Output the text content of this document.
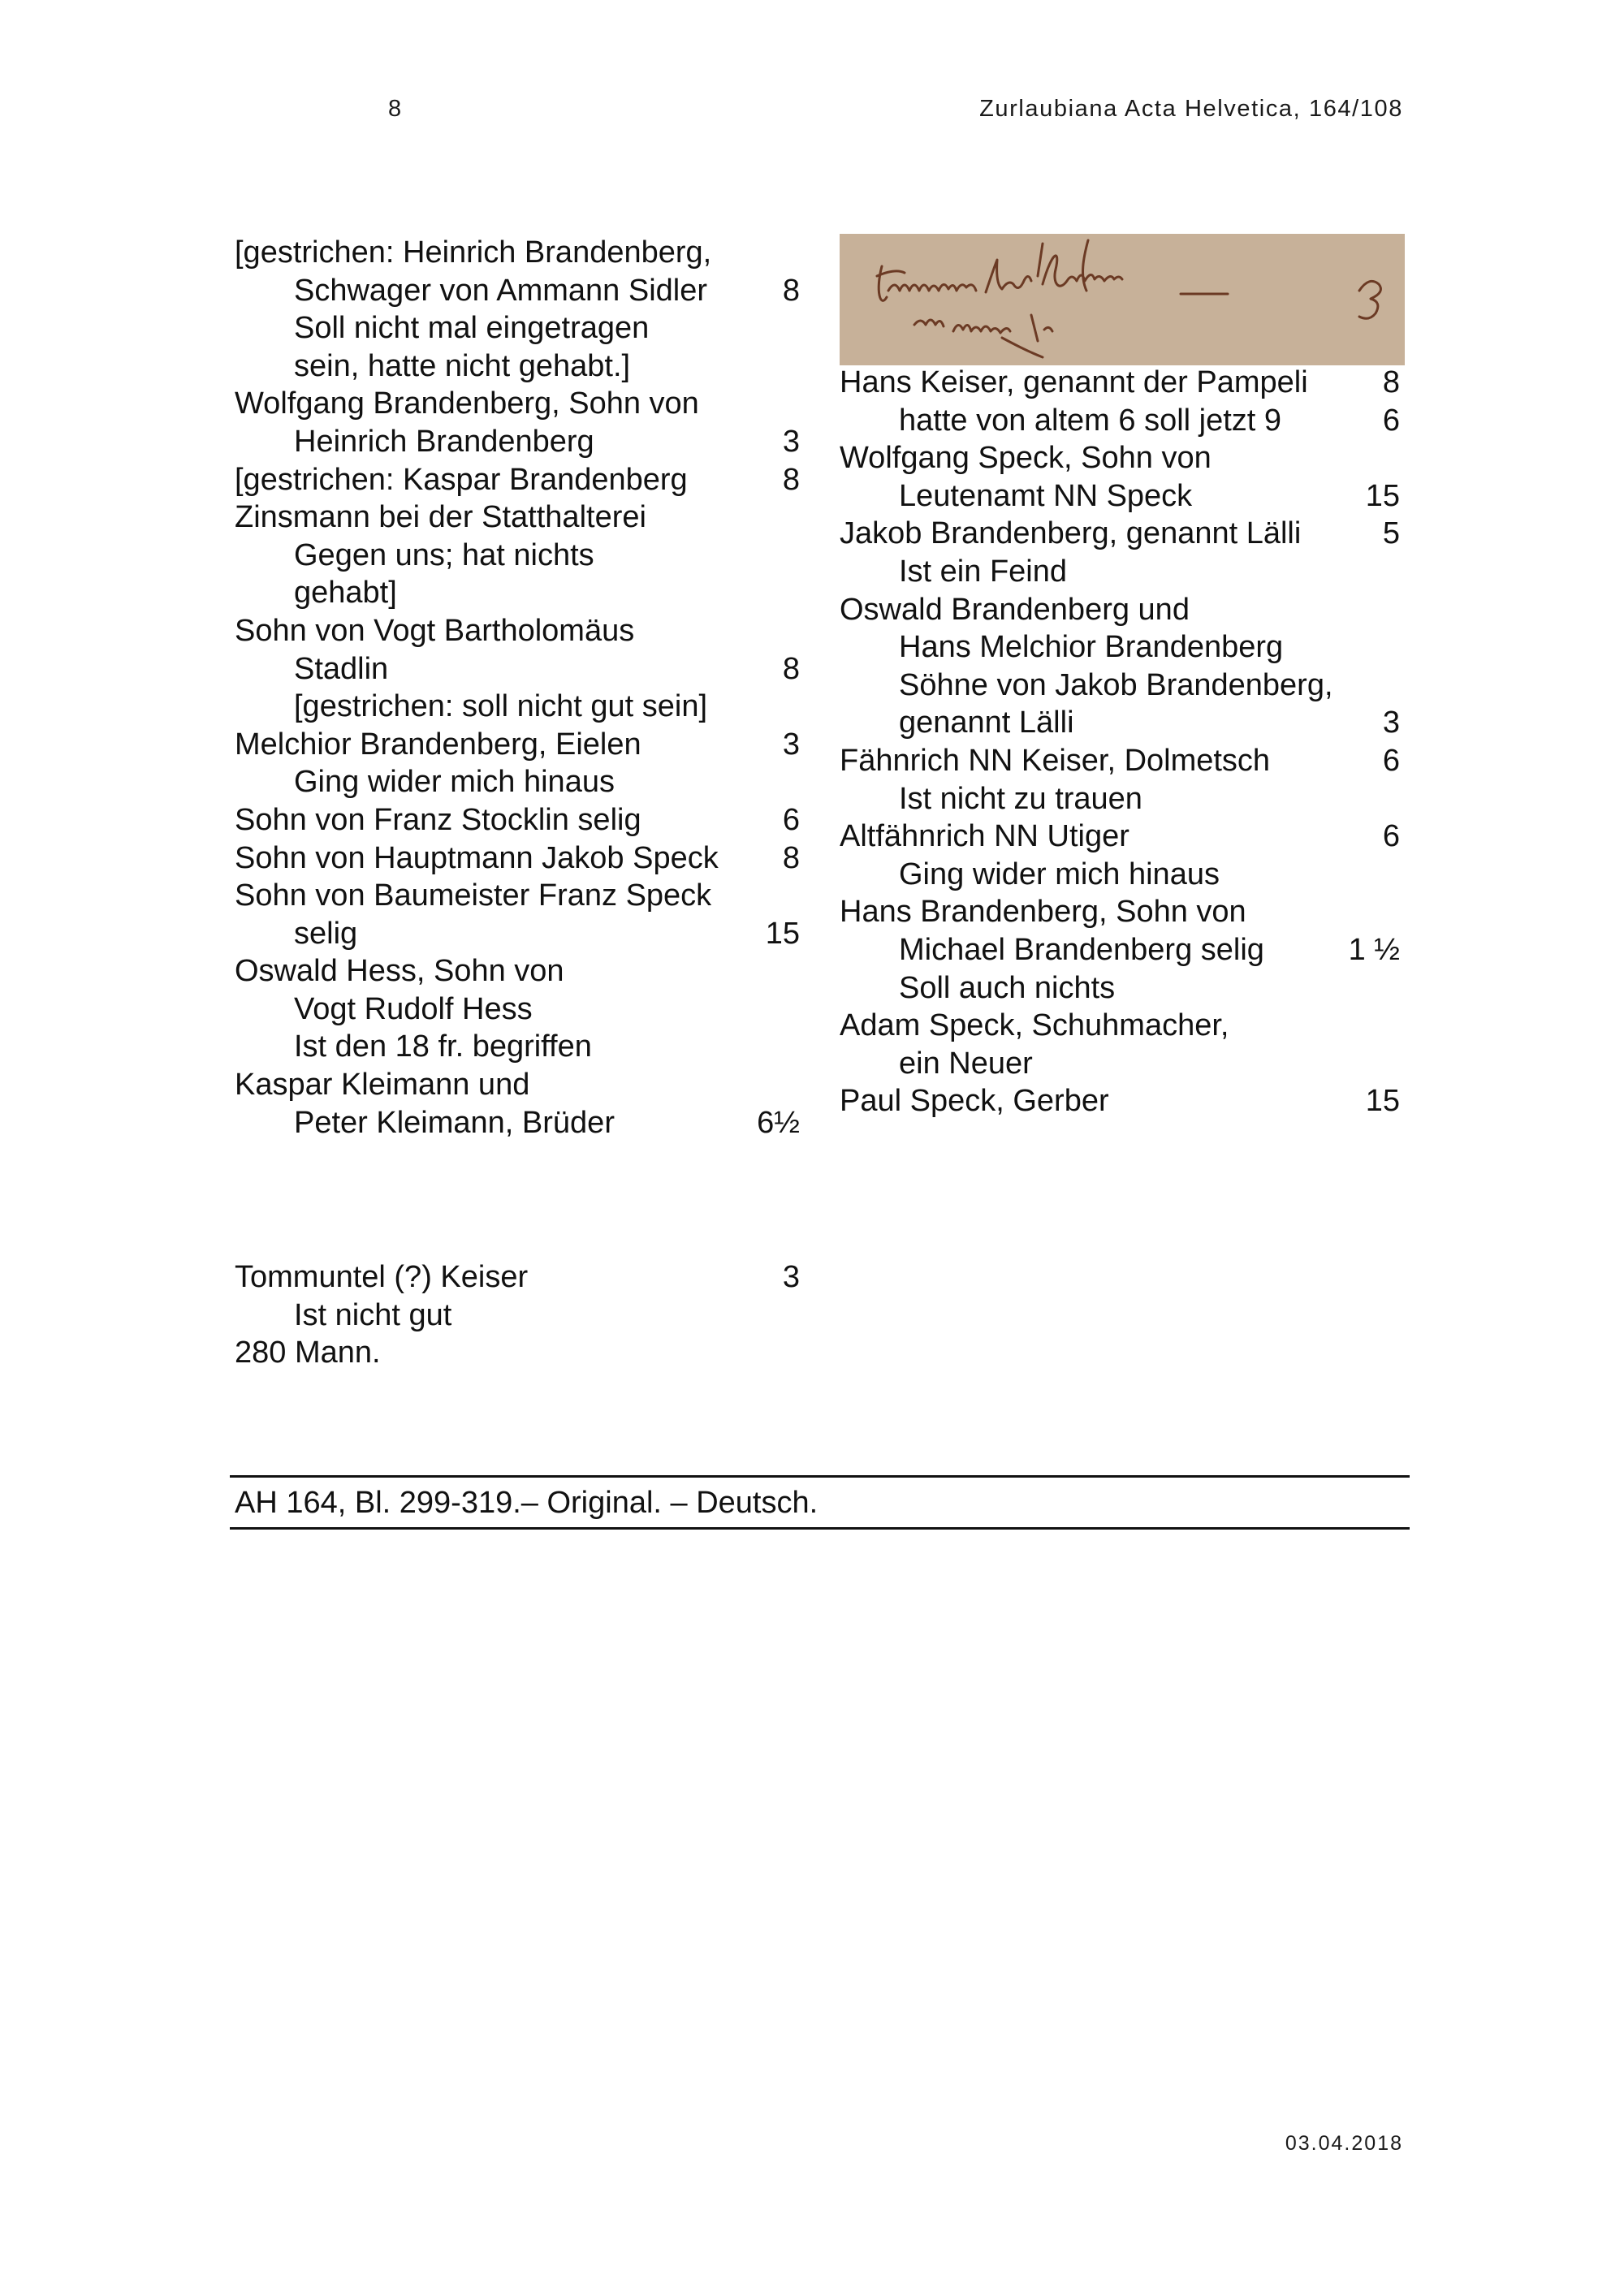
8	Zurlaubiana Acta Helvetica, 164/108
[gestrichen: Heinrich Brandenberg,
Schwager von Ammann Sidler 8
Soll nicht mal eingetragen
sein, hatte nicht gehabt.]
Wolfgang Brandenberg, Sohn von
Heinrich Brandenberg	3
[gestrichen: Kaspar Brandenberg	8
Zinsmann bei der Statthalterei
Gegen uns; hat nichts
gehabt]
Sohn von Vogt Bartholomäus
Stadlin	8
[gestrichen: soll nicht gut sein]
Melchior Brandenberg, Eielen	3
Ging wider mich hinaus
Sohn von Franz Stocklin selig	6
Sohn von Hauptmann Jakob Speck 8
Sohn von Baumeister Franz Speck
selig	15
Oswald Hess, Sohn von
Vogt Rudolf Hess
Ist den 18 fr. begriffen
Kaspar Kleimann und
Peter Kleimann, Brüder	6½
Hans Keiser, genannt der Pampeli 8
hatte von altem 6 soll jetzt 9	6
Wolfgang Speck, Sohn von
Leutenamt NN Speck	15
Jakob Brandenberg, genannt Lälli	5
Ist ein Feind
Oswald Brandenberg und
Hans Melchior Brandenberg
Söhne von Jakob Brandenberg,
genannt Lälli	3
Fähnrich NN Keiser, Dolmetsch	6
Ist nicht zu trauen
Altfähnrich NN Utiger	6
Ging wider mich hinaus
Hans Brandenberg, Sohn von
Michael Brandenberg selig	1 ½
Soll auch nichts
Adam Speck, Schuhmacher,
ein Neuer
Paul Speck, Gerber	15
Tommuntel (?) Keiser	3
Ist nicht gut
280 Mann.
AH 164, Bl. 299-319.– Original. – Deutsch.
03.04.2018
